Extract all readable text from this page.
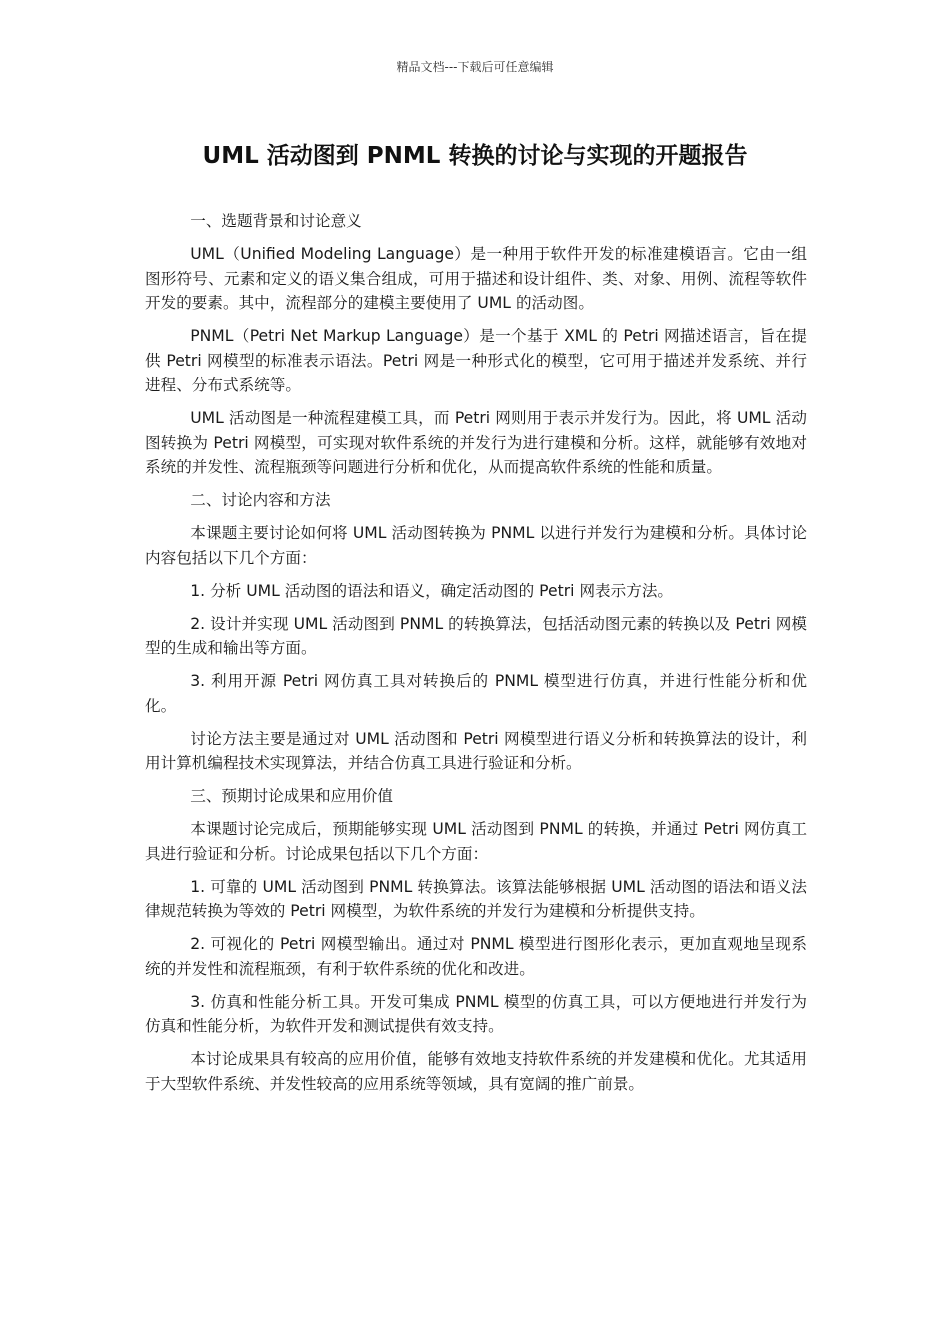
精品文档---下载后可任意编辑
UML 活动图到 PNML 转换的讨论与实现的开题报告

一、选题背景和讨论意义

UML（Unified Modeling Language）是一种用于软件开发的标准建模语言。它由一组图形符号、元素和定义的语义集合组成，可用于描述和设计组件、类、对象、用例、流程等软件开发的要素。其中，流程部分的建模主要使用了 UML 的活动图。

PNML（Petri Net Markup Language）是一个基于 XML 的 Petri 网描述语言，旨在提供 Petri 网模型的标准表示语法。Petri 网是一种形式化的模型，它可用于描述并发系统、并行进程、分布式系统等。

UML 活动图是一种流程建模工具，而 Petri 网则用于表示并发行为。因此，将 UML 活动图转换为 Petri 网模型，可实现对软件系统的并发行为进行建模和分析。这样，就能够有效地对系统的并发性、流程瓶颈等问题进行分析和优化，从而提高软件系统的性能和质量。

二、讨论内容和方法

本课题主要讨论如何将 UML 活动图转换为 PNML 以进行并发行为建模和分析。具体讨论内容包括以下几个方面：

1. 分析 UML 活动图的语法和语义，确定活动图的 Petri 网表示方法。

2. 设计并实现 UML 活动图到 PNML 的转换算法，包括活动图元素的转换以及 Petri 网模型的生成和输出等方面。

3. 利用开源 Petri 网仿真工具对转换后的 PNML 模型进行仿真，并进行性能分析和优化。

讨论方法主要是通过对 UML 活动图和 Petri 网模型进行语义分析和转换算法的设计，利用计算机编程技术实现算法，并结合仿真工具进行验证和分析。

三、预期讨论成果和应用价值

本课题讨论完成后，预期能够实现 UML 活动图到 PNML 的转换，并通过 Petri 网仿真工具进行验证和分析。讨论成果包括以下几个方面：

1. 可靠的 UML 活动图到 PNML 转换算法。该算法能够根据 UML 活动图的语法和语义法律规范转换为等效的 Petri 网模型，为软件系统的并发行为建模和分析提供支持。

2. 可视化的 Petri 网模型输出。通过对 PNML 模型进行图形化表示，更加直观地呈现系统的并发性和流程瓶颈，有利于软件系统的优化和改进。

3. 仿真和性能分析工具。开发可集成 PNML 模型的仿真工具，可以方便地进行并发行为仿真和性能分析，为软件开发和测试提供有效支持。

本讨论成果具有较高的应用价值，能够有效地支持软件系统的并发建模和优化。尤其适用于大型软件系统、并发性较高的应用系统等领域，具有宽阔的推广前景。
